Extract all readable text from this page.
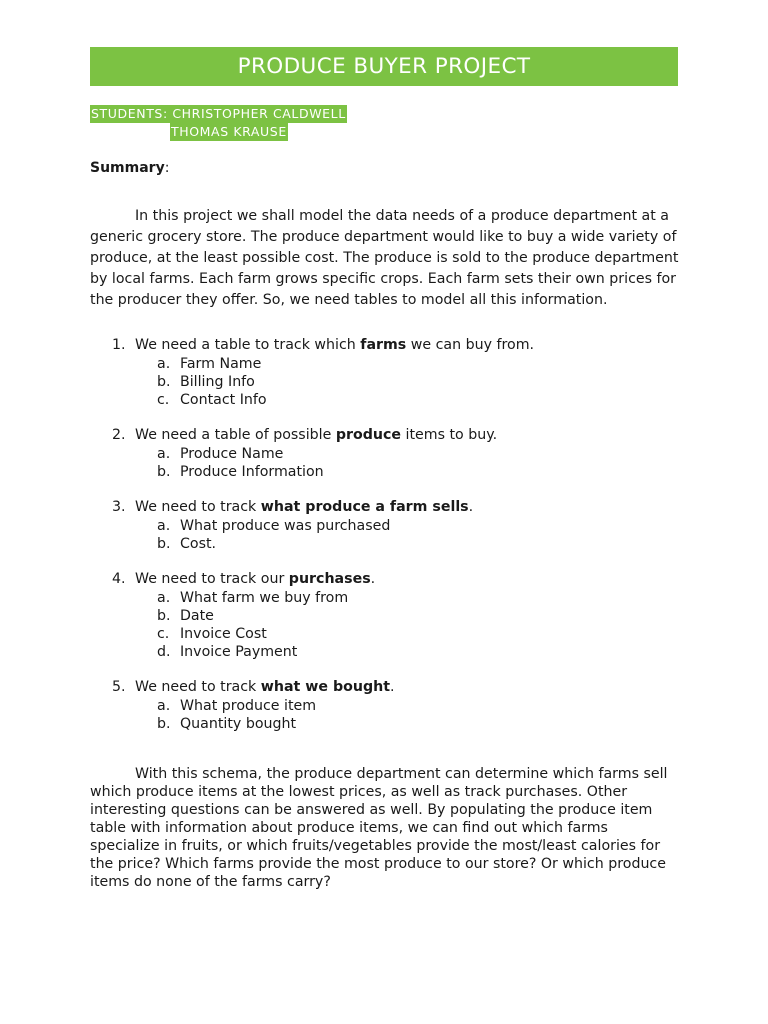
PRODUCE BUYER PROJECT
STUDENTS: CHRISTOPHER CALDWELL
THOMAS KRAUSE
Summary:
In this project we shall model the data needs of a produce department at a generic grocery store. The produce department would like to buy a wide variety of produce, at the least possible cost. The produce is sold to the produce department by local farms. Each farm grows specific crops. Each farm sets their own prices for the producer they offer. So, we need tables to model all this information.
1. We need a table to track which farms we can buy from.
a. Farm Name
b. Billing Info
c. Contact Info
2. We need a table of possible produce items to buy.
a. Produce Name
b. Produce Information
3. We need to track what produce a farm sells.
a. What produce was purchased
b. Cost.
4. We need to track our purchases.
a. What farm we buy from
b. Date
c. Invoice Cost
d. Invoice Payment
5. We need to track what we bought.
a. What produce item
b. Quantity bought
With this schema, the produce department can determine which farms sell which produce items at the lowest prices, as well as track purchases. Other interesting questions can be answered as well. By populating the produce item table with information about produce items, we can find out which farms specialize in fruits, or which fruits/vegetables provide the most/least calories for the price? Which farms provide the most produce to our store? Or which produce items do none of the farms carry?
